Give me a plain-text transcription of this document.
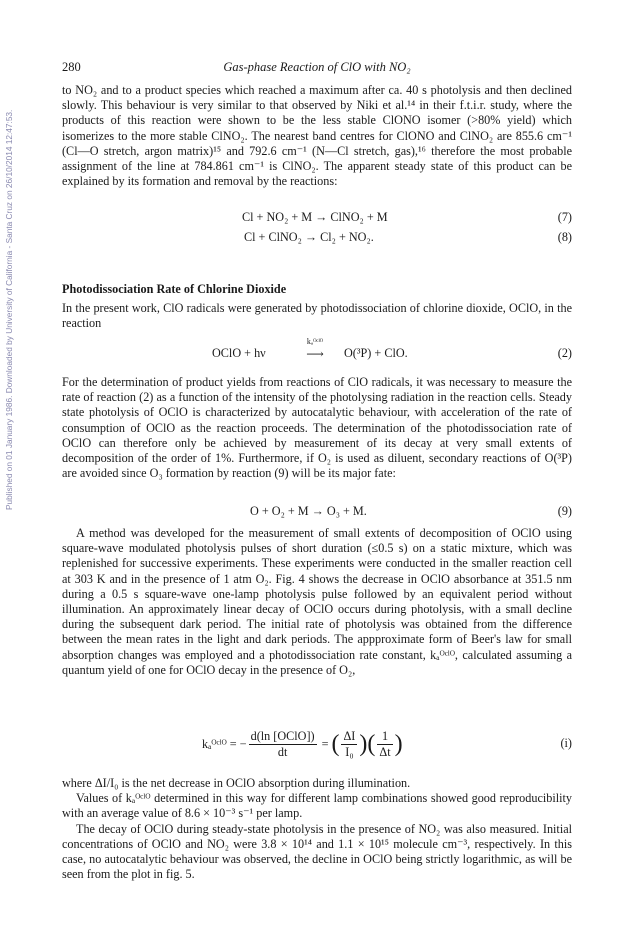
Published on 01 January 1986. Downloaded by University of California - Santa Cruz on 26/10/2014 12:47:53.
280	Gas-phase Reaction of ClO with NO₂

to NO₂ and to a product species which reached a maximum after ca. 40 s photolysis and then declined slowly. This behaviour is very similar to that observed by Niki et al.¹⁴ in their f.t.i.r. study, where the products of this reaction were shown to be the less stable ClONO isomer (>80% yield) which isomerizes to the more stable ClNO₂. The nearest band centres for ClONO and ClNO₂ are 855.6 cm⁻¹ (Cl—O stretch, argon matrix)¹⁵ and 792.6 cm⁻¹ (N—Cl stretch, gas),¹⁶ therefore the most probable assignment of the line at 784.861 cm⁻¹ is ClNO₂. The apparent steady state of this product can be explained by its formation and removal by the reactions:

Cl + NO₂ + M → ClNO₂ + M	(7)
Cl + ClNO₂ → Cl₂ + NO₂.	(8)
Photodissociation Rate of Chlorine Dioxide

In the present work, ClO radicals were generated by photodissociation of chlorine dioxide, OClO, in the reaction

OClO + hν
kₐᴼᶜˡᴼ
⟶	O(³P) + ClO.	(2)

For the determination of product yields from reactions of ClO radicals, it was necessary to measure the rate of reaction (2) as a function of the intensity of the photolysing radiation in the reaction cells. Steady state photolysis of OClO is characterized by autocatalytic behaviour, with acceleration of the rate of consumption of OClO as the reaction proceeds. The determination of the photodissociation rate of OClO can therefore only be achieved by measurement of its decay at very small extents of decomposition of the order of 1%. Furthermore, if O₂ is used as diluent, secondary reactions of O(³P) are avoided since O₃ formation by reaction (9) will be its major fate:

O + O₂ + M → O₃ + M.	(9)

A method was developed for the measurement of small extents of decomposition of OClO using square-wave modulated photolysis pulses of short duration (≤0.5 s) on a static mixture, which was replenished for successive experiments. These experiments were conducted in the smaller reaction cell at 303 K and in the presence of 1 atm O₂. Fig. 4 shows the decrease in OClO absorbance at 351.5 nm during a 0.5 s square-wave one-lamp photolysis pulse followed by an equivalent period without illumination. An approximately linear decay of OClO occurs during photolysis, with a small decline during the subsequent dark period. The initial rate of photolysis was obtained from the difference between the mean rates in the light and dark periods. The appproximate form of Beer's law for small absorption changes was employed and a photodissociation rate constant, kₐᴼᶜˡᴼ, calculated assuming a quantum yield of one for OClO decay in the presence of O₂,

kₐᴼᶜˡᴼ = − $\frac{\text{d(ln [OClO])}}{dt}$ = ( $\frac{\Delta I}{\text{I₀}}$ ) ( $\frac{1}{\Delta t}$ )	(i)

where ΔI/I₀ is the net decrease in OClO absorption during illumination.

Values of kₐᴼᶜˡᴼ determined in this way for different lamp combinations showed good reproducibility with an average value of 8.6 × 10⁻³ s⁻¹ per lamp.

The decay of OClO during steady-state photolysis in the presence of NO₂ was also measured. Initial concentrations of OClO and NO₂ were 3.8 × 10¹⁴ and 1.1 × 10¹⁵ molecule cm⁻³, respectively. In this case, no autocatalytic behaviour was observed, the decline in OClO being strictly logarithmic, as will be seen from the plot in fig. 5.
